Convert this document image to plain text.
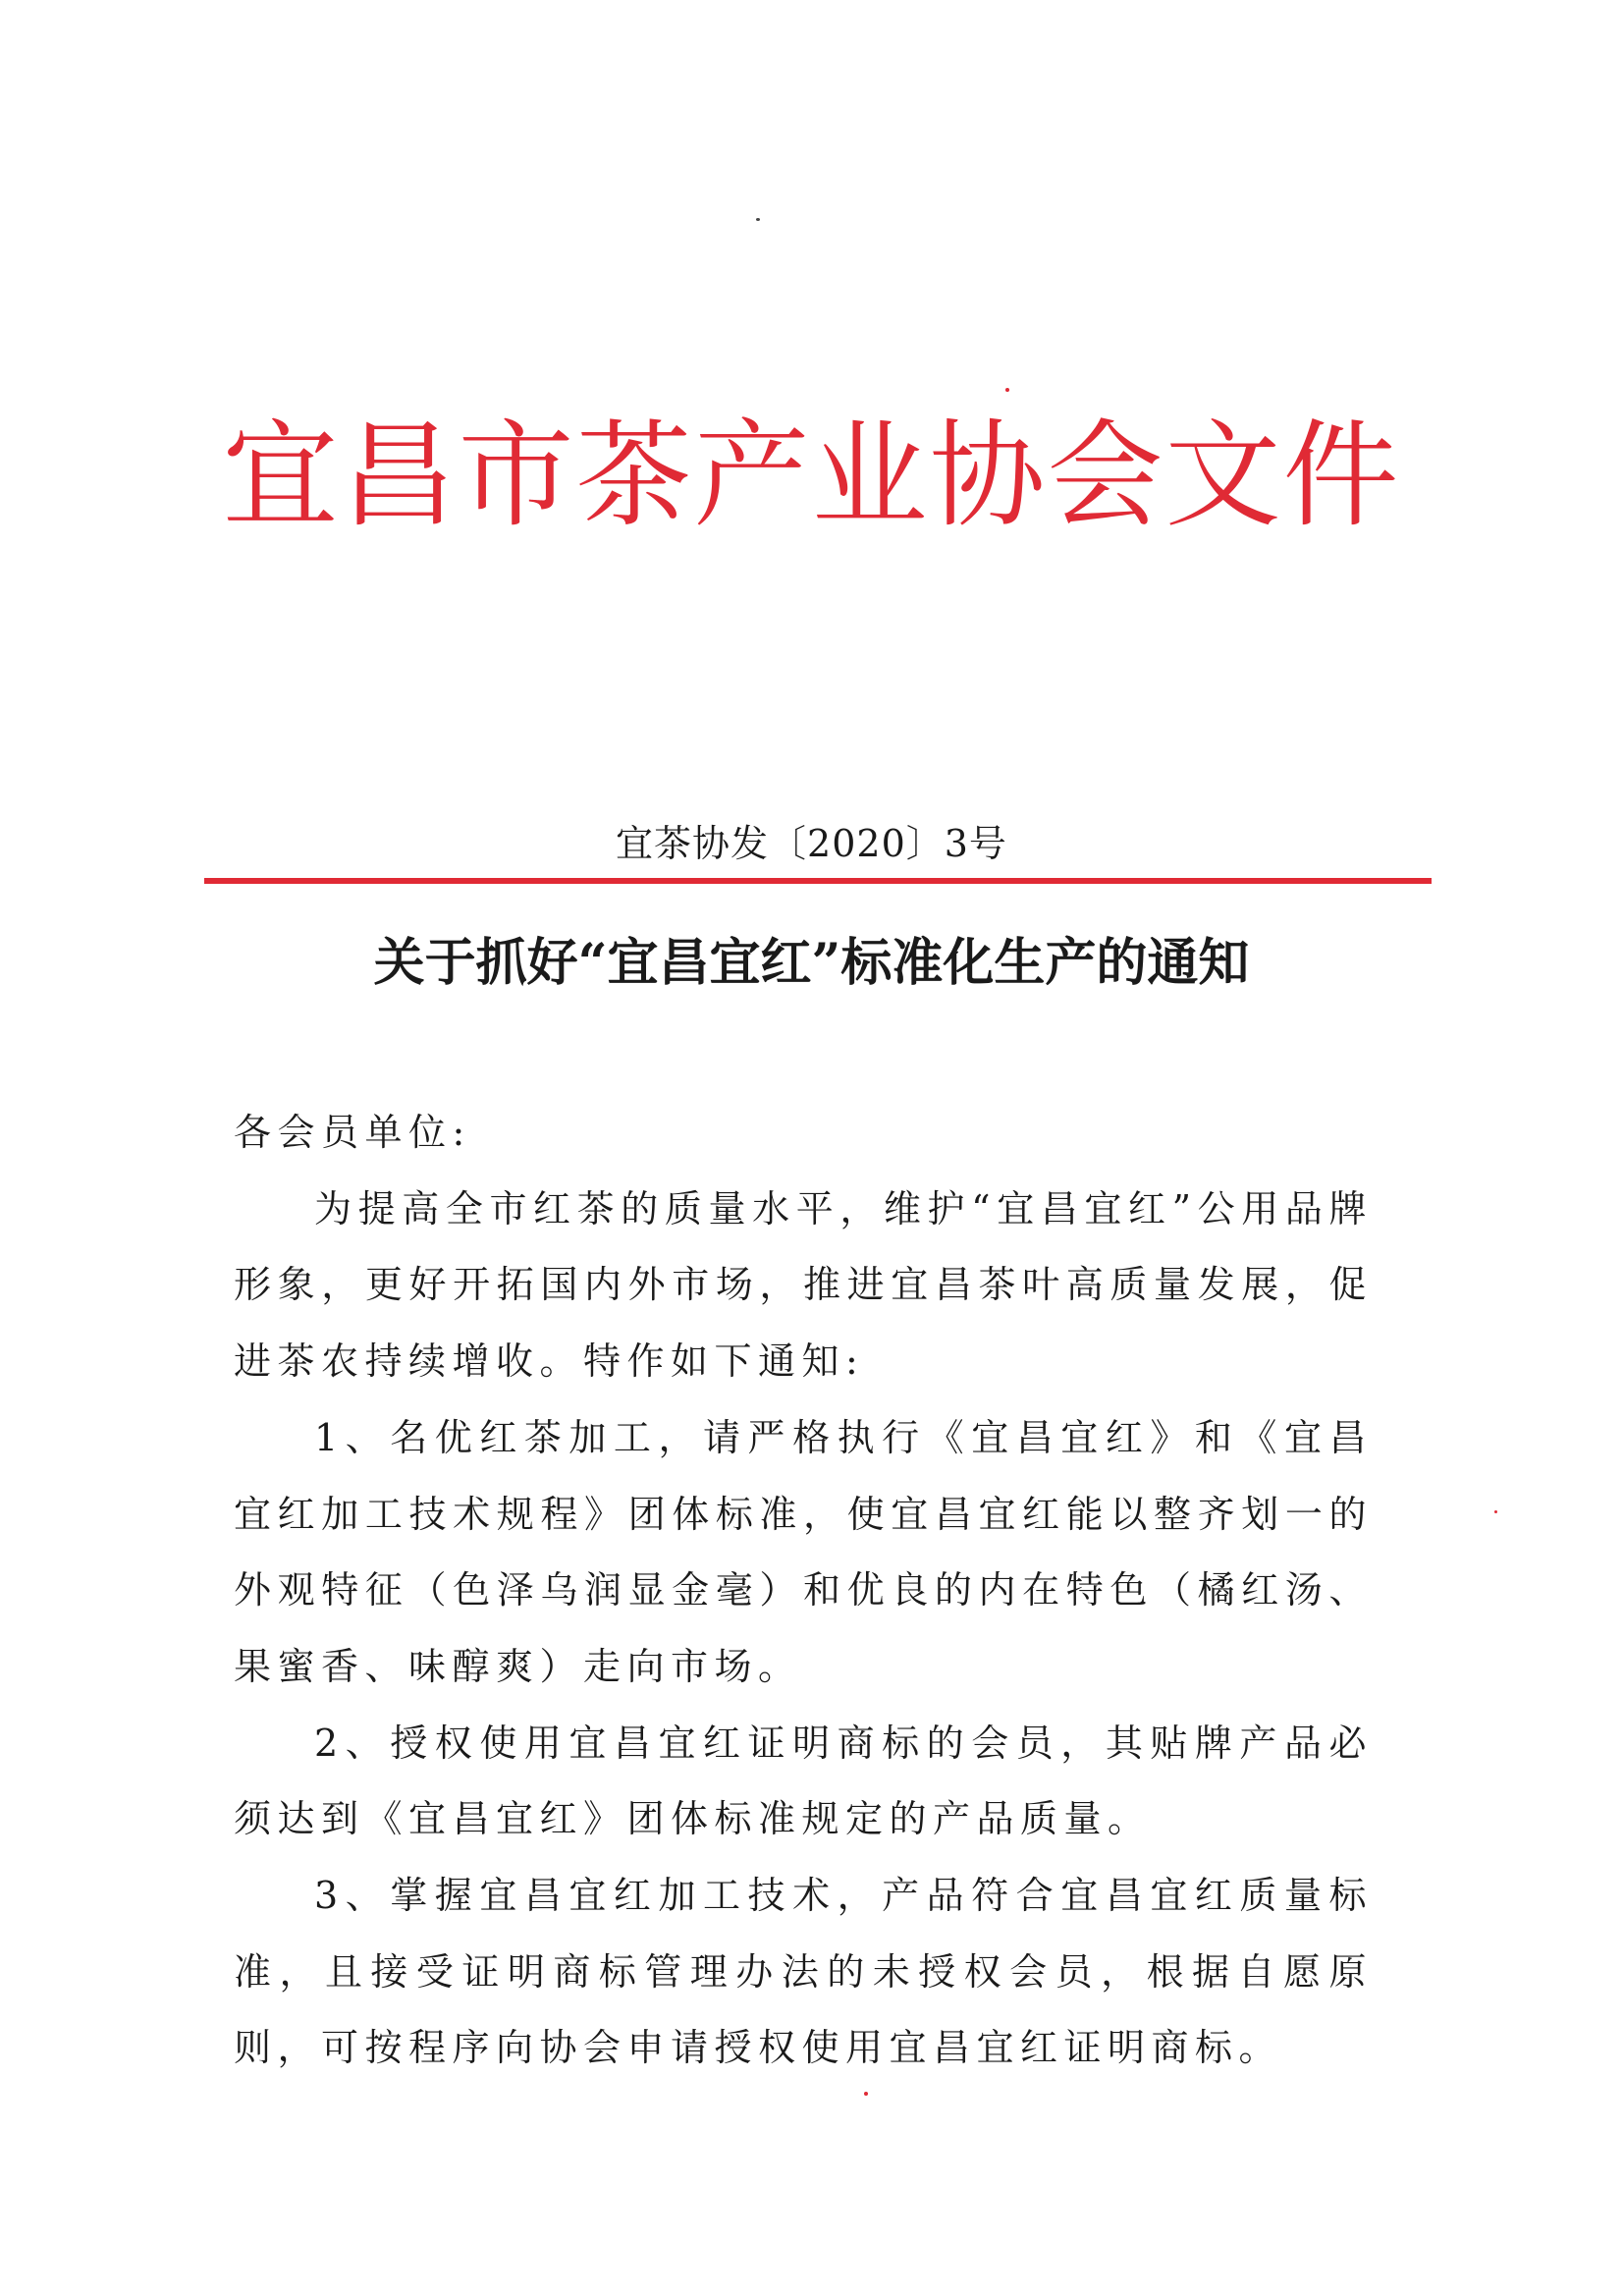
宜昌市茶产业协会文件
宜茶协发〔2020〕3号
关于抓好“宜昌宜红”标准化生产的通知

各会员单位:

为提高全市红茶的质量水平，维护“宜昌宜红”公用品牌形象，更好开拓国内外市场，推进宜昌茶叶高质量发展，促进茶农持续增收。特作如下通知:

1、名优红茶加工，请严格执行《宜昌宜红》和《宜昌宜红加工技术规程》团体标准，使宜昌宜红能以整齐划一的外观特征（色泽乌润显金毫）和优良的内在特色（橘红汤、果蜜香、味醇爽）走向市场。

2、授权使用宜昌宜红证明商标的会员，其贴牌产品必须达到《宜昌宜红》团体标准规定的产品质量。

3、掌握宜昌宜红加工技术，产品符合宜昌宜红质量标准，且接受证明商标管理办法的未授权会员，根据自愿原则，可按程序向协会申请授权使用宜昌宜红证明商标。
